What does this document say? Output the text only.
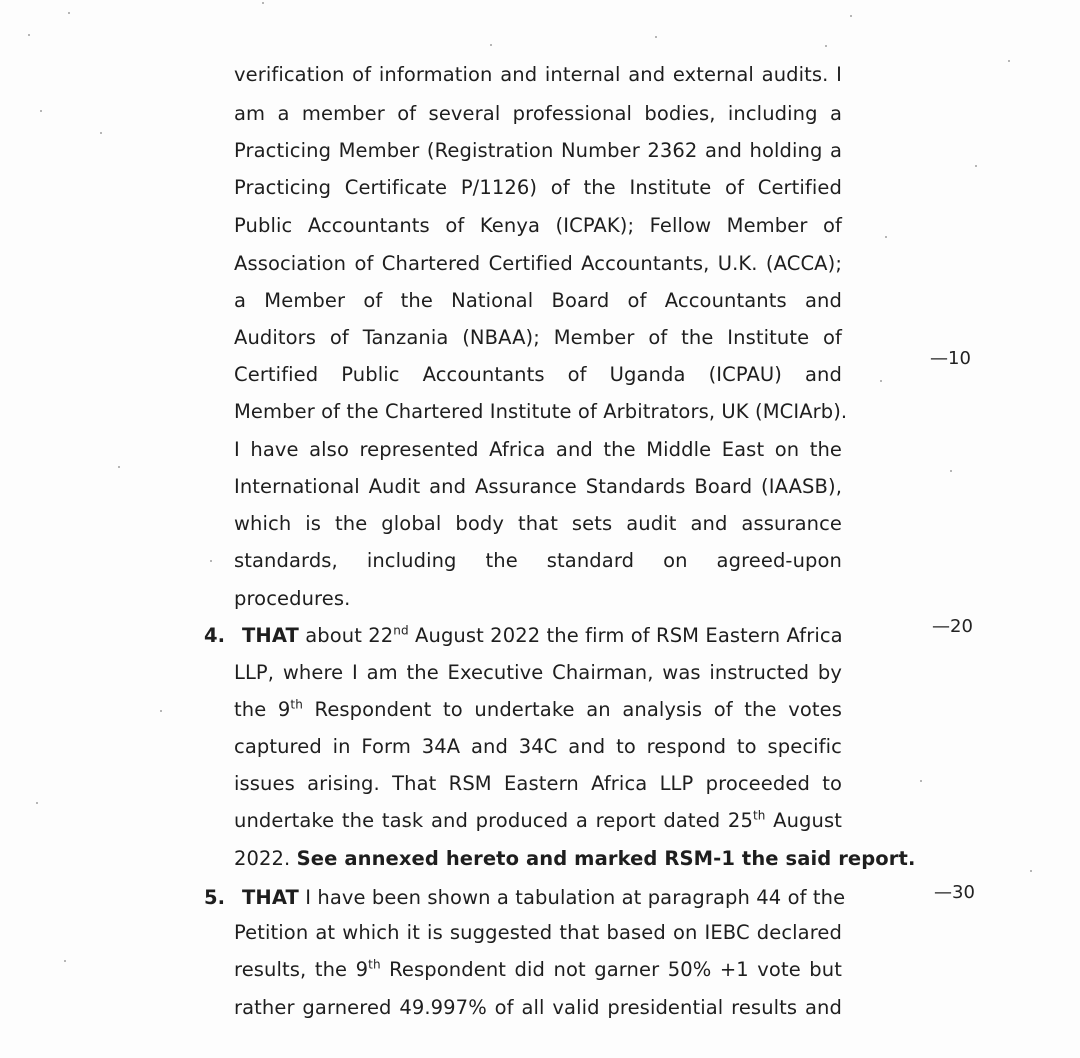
verification of information and internal and external audits. I
am a member of several professional bodies, including a
Practicing Member (Registration Number 2362 and holding a
Practicing Certificate P/1126) of the Institute of Certified
Public Accountants of Kenya (ICPAK); Fellow Member of
Association of Chartered Certified Accountants, U.K. (ACCA);
a Member of the National Board of Accountants and
Auditors of Tanzania (NBAA); Member of the Institute of
Certified Public Accountants of Uganda (ICPAU) and
Member of the Chartered Institute of Arbitrators, UK (MCIArb).
I have also represented Africa and the Middle East on the
International Audit and Assurance Standards Board (IAASB),
which is the global body that sets audit and assurance
standards, including the standard on agreed-upon
procedures.
4. THAT about 22nd August 2022 the firm of RSM Eastern Africa
LLP, where I am the Executive Chairman, was instructed by
the 9th Respondent to undertake an analysis of the votes
captured in Form 34A and 34C and to respond to specific
issues arising. That RSM Eastern Africa LLP proceeded to
undertake the task and produced a report dated 25th August
2022. See annexed hereto and marked RSM-1 the said report.
5. THAT I have been shown a tabulation at paragraph 44 of the
Petition at which it is suggested that based on IEBC declared
results, the 9th Respondent did not garner 50% +1 vote but
rather garnered 49.997% of all valid presidential results and
—10
—20
—30
